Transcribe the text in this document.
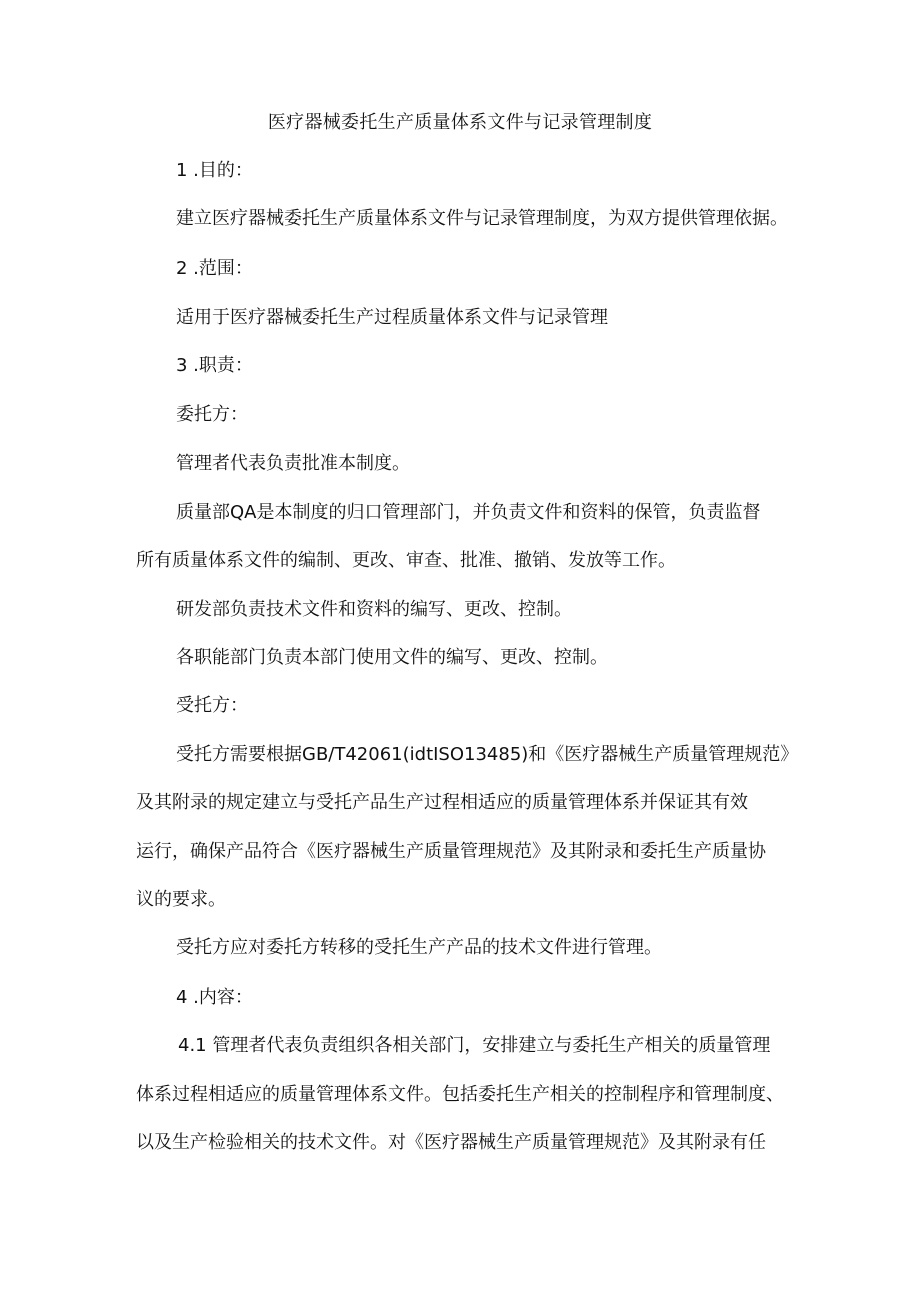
医疗器械委托生产质量体系文件与记录管理制度

1 .目的：

建立医疗器械委托生产质量体系文件与记录管理制度，为双方提供管理依据。

2 .范围：

适用于医疗器械委托生产过程质量体系文件与记录管理

3 .职责：

委托方：

管理者代表负责批准本制度。

质量部QA是本制度的归口管理部门，并负责文件和资料的保管，负责监督

所有质量体系文件的编制、更改、审查、批准、撤销、发放等工作。

研发部负责技术文件和资料的编写、更改、控制。

各职能部门负责本部门使用文件的编写、更改、控制。

受托方：

受托方需要根据GB/T42061(idtISO13485)和《医疗器械生产质量管理规范》

及其附录的规定建立与受托产品生产过程相适应的质量管理体系并保证其有效

运行，确保产品符合《医疗器械生产质量管理规范》及其附录和委托生产质量协

议的要求。

受托方应对委托方转移的受托生产产品的技术文件进行管理。

4 .内容：

4.1 管理者代表负责组织各相关部门，安排建立与委托生产相关的质量管理

体系过程相适应的质量管理体系文件。包括委托生产相关的控制程序和管理制度、

以及生产检验相关的技术文件。对《医疗器械生产质量管理规范》及其附录有任
